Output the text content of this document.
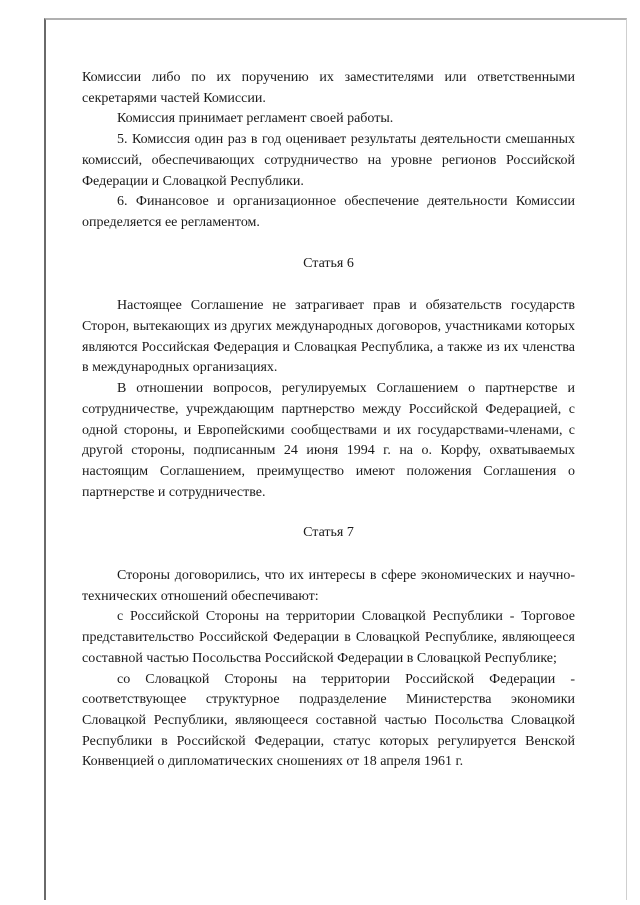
Комиссии либо по их поручению их заместителями или ответственными секретарями частей Комиссии.

Комиссия принимает регламент своей работы.

5. Комиссия один раз в год оценивает результаты деятельности смешанных комиссий, обеспечивающих сотрудничество на уровне регионов Российской Федерации и Словацкой Республики.

6. Финансовое и организационное обеспечение деятельности Комиссии определяется ее регламентом.

Статья 6

Настоящее Соглашение не затрагивает прав и обязательств государств Сторон, вытекающих из других международных договоров, участниками которых являются Российская Федерация и Словацкая Республика, а также из их членства в международных организациях.

В отношении вопросов, регулируемых Соглашением о партнерстве и сотрудничестве, учреждающим партнерство между Российской Федерацией, с одной стороны, и Европейскими сообществами и их государствами-членами, с другой стороны, подписанным 24 июня 1994 г. на о. Корфу, охватываемых настоящим Соглашением, преимущество имеют положения Соглашения о партнерстве и сотрудничестве.

Статья 7

Стороны договорились, что их интересы в сфере экономических и научно-технических отношений обеспечивают:

с Российской Стороны на территории Словацкой Республики - Торговое представительство Российской Федерации в Словацкой Республике, являющееся составной частью Посольства Российской Федерации в Словацкой Республике;

со Словацкой Стороны на территории Российской Федерации - соответствующее структурное подразделение Министерства экономики Словацкой Республики, являющееся составной частью Посольства Словацкой Республики в Российской Федерации, статус которых регулируется Венской Конвенцией о дипломатических сношениях от 18 апреля 1961 г.
